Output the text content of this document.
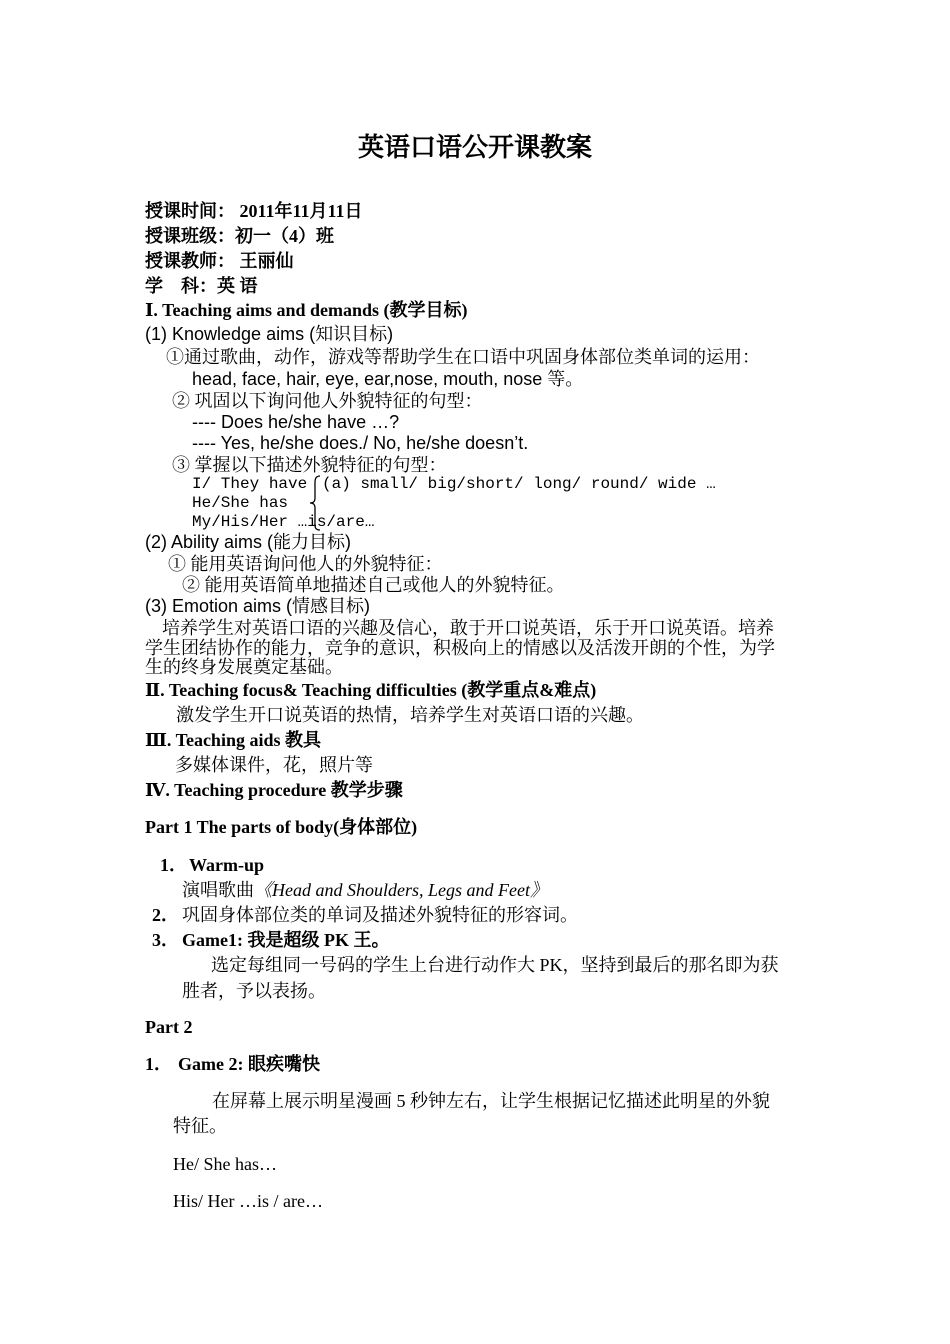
英语口语公开课教案
授课时间： 2011年11月11日
授课班级：初一（4）班
授课教师： 王丽仙
学　科：英 语
Ⅰ. Teaching aims and demands (教学目标)
(1) Knowledge aims (知识目标)
①通过歌曲，动作，游戏等帮助学生在口语中巩固身体部位类单词的运用：
head, face, hair, eye, ear,nose, mouth, nose 等。
② 巩固以下询问他人外貌特征的句型：
---- Does he/she have …?
---- Yes, he/she does./ No, he/she doesn’t.
③ 掌握以下描述外貌特征的句型：
I/ They have (a) small/ big/short/ long/ round/ wide …
He/She has
My/His/Her …is/are…
(2) Ability aims (能力目标)
① 能用英语询问他人的外貌特征：
② 能用英语简单地描述自己或他人的外貌特征。
(3) Emotion aims (情感目标)
培养学生对英语口语的兴趣及信心，敢于开口说英语，乐于开口说英语。培养
学生团结协作的能力，竞争的意识，积极向上的情感以及活泼开朗的个性，为学
生的终身发展奠定基础。
Ⅱ. Teaching focus& Teaching difficulties (教学重点&难点)
激发学生开口说英语的热情，培养学生对英语口语的兴趣。
Ⅲ. Teaching aids 教具
多媒体课件，花，照片等
Ⅳ. Teaching procedure 教学步骤
Part 1 The parts of body(身体部位)
1． Warm-up
演唱歌曲《Head and Shoulders, Legs and Feet》
2． 巩固身体部位类的单词及描述外貌特征的形容词。
3． Game1: 我是超级 PK 王。
选定每组同一号码的学生上台进行动作大 PK，坚持到最后的那名即为获
胜者，予以表扬。
Part 2
1． Game 2: 眼疾嘴快
在屏幕上展示明星漫画 5 秒钟左右，让学生根据记忆描述此明星的外貌
特征。
He/ She has…
His/ Her …is / are…
